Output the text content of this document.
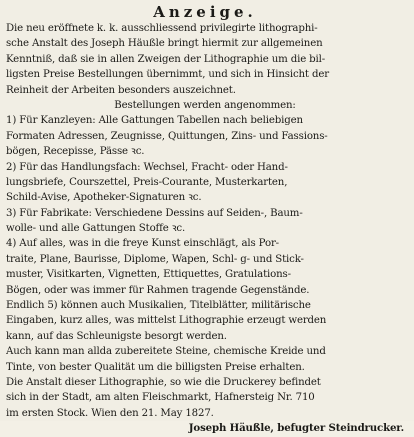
Anzeige.
Die neu eröffnete k. k. ausschliessend privilegirte lithographi-
sche Anstalt des Joseph Häußle bringt hiermit zur allgemeinen
Kenntniß, daß sie in allen Zweigen der Lithographie um die bil-
ligsten Preise Bestellungen übernimmt, und sich in Hinsicht der
Reinheit der Arbeiten besonders auszeichnet.
Bestellungen werden angenommen:
1) Für Kanzleyen: Alle Gattungen Tabellen nach beliebigen
Formaten Adressen, Zeugnisse, Quittungen, Zins- und Fassions-
bögen, Recepisse, Pässe ꝛc.
2) Für das Handlungsfach: Wechsel, Fracht- oder Hand-
lungsbriefe, Courszettel, Preis-Courante, Musterkarten,
Schild-Avise, Apotheker-Signaturen ꝛc.
3) Für Fabrikate: Verschiedene Dessins auf Seiden-, Baum-
wolle- und alle Gattungen Stoffe ꝛc.
4) Auf alles, was in die freye Kunst einschlägt, als Por-
traite, Plane, Baurisse, Diplome, Wapen, Schl- g- und Stick-
muster, Visitkarten, Vignetten, Ettiquettes, Gratulations-
Bögen, oder was immer für Rahmen tragende Gegenstände.
Endlich 5) können auch Musikalien, Titelblätter, militärische
Eingaben, kurz alles, was mittelst Lithographie erzeugt werden
kann, auf das Schleunigste besorgt werden.
Auch kann man allda zubereitete Steine, chemische Kreide und
Tinte, von bester Qualität um die billigsten Preise erhalten.
Die Anstalt dieser Lithographie, so wie die Druckerey befindet
sich in der Stadt, am alten Fleischmarkt, Hafnersteig Nr. 710
im ersten Stock. Wien den 21. May 1827.
Joseph Häußle, befugter Steindrucker.
